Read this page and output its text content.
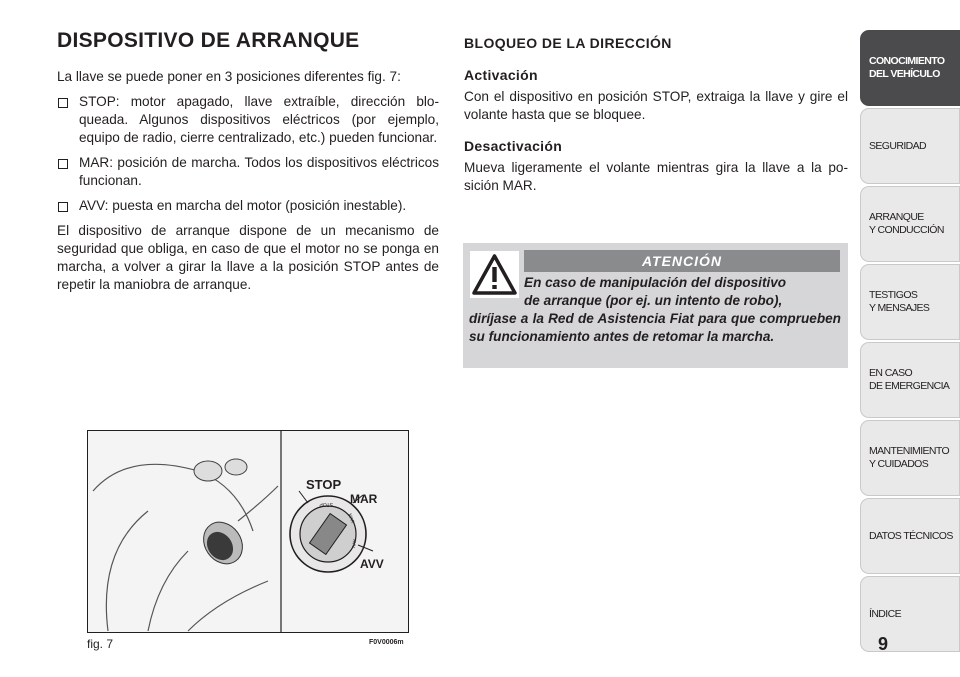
DISPOSITIVO DE ARRANQUE

La llave se puede poner en 3 posiciones diferentes fig. 7:

STOP: motor apagado, llave extraíble, dirección bloqueada. Algunos dispositivos eléctricos (por ejemplo, equipo de radio, cierre centralizado, etc.) pueden funcionar.
MAR: posición de marcha. Todos los dispositivos eléctricos funcionan.
AVV: puesta en marcha del motor (posición inestable).

El dispositivo de arranque dispone de un mecanismo de seguridad que obliga, en caso de que el motor no se ponga en marcha, a volver a girar la llave a la posición STOP antes de repetir la maniobra de arranque.

BLOQUEO DE LA DIRECCIÓN
Activación

Con el dispositivo en posición STOP, extraiga la llave y gire el volante hasta que se bloquee.

Desactivación

Mueva ligeramente el volante mientras gira la llave a la posición MAR.

ATENCIÓN
En caso de manipulación del dispositivo
de arranque (por ej. un intento de robo),
diríjase a la Red de Asistencia Fiat para que comprueben su funcionamiento antes de retomar la marcha.
STOP
MAR
AVV
STOP
MAR
AVV
fig. 7	F0V0006m
CONOCIMIENTO
DEL VEHÍCULO
SEGURIDAD
ARRANQUE
Y CONDUCCIÓN
TESTIGOS
Y MENSAJES
EN CASO
DE EMERGENCIA
MANTENIMIENTO
Y CUIDADOS
DATOS TÉCNICOS
ÍNDICE
9
